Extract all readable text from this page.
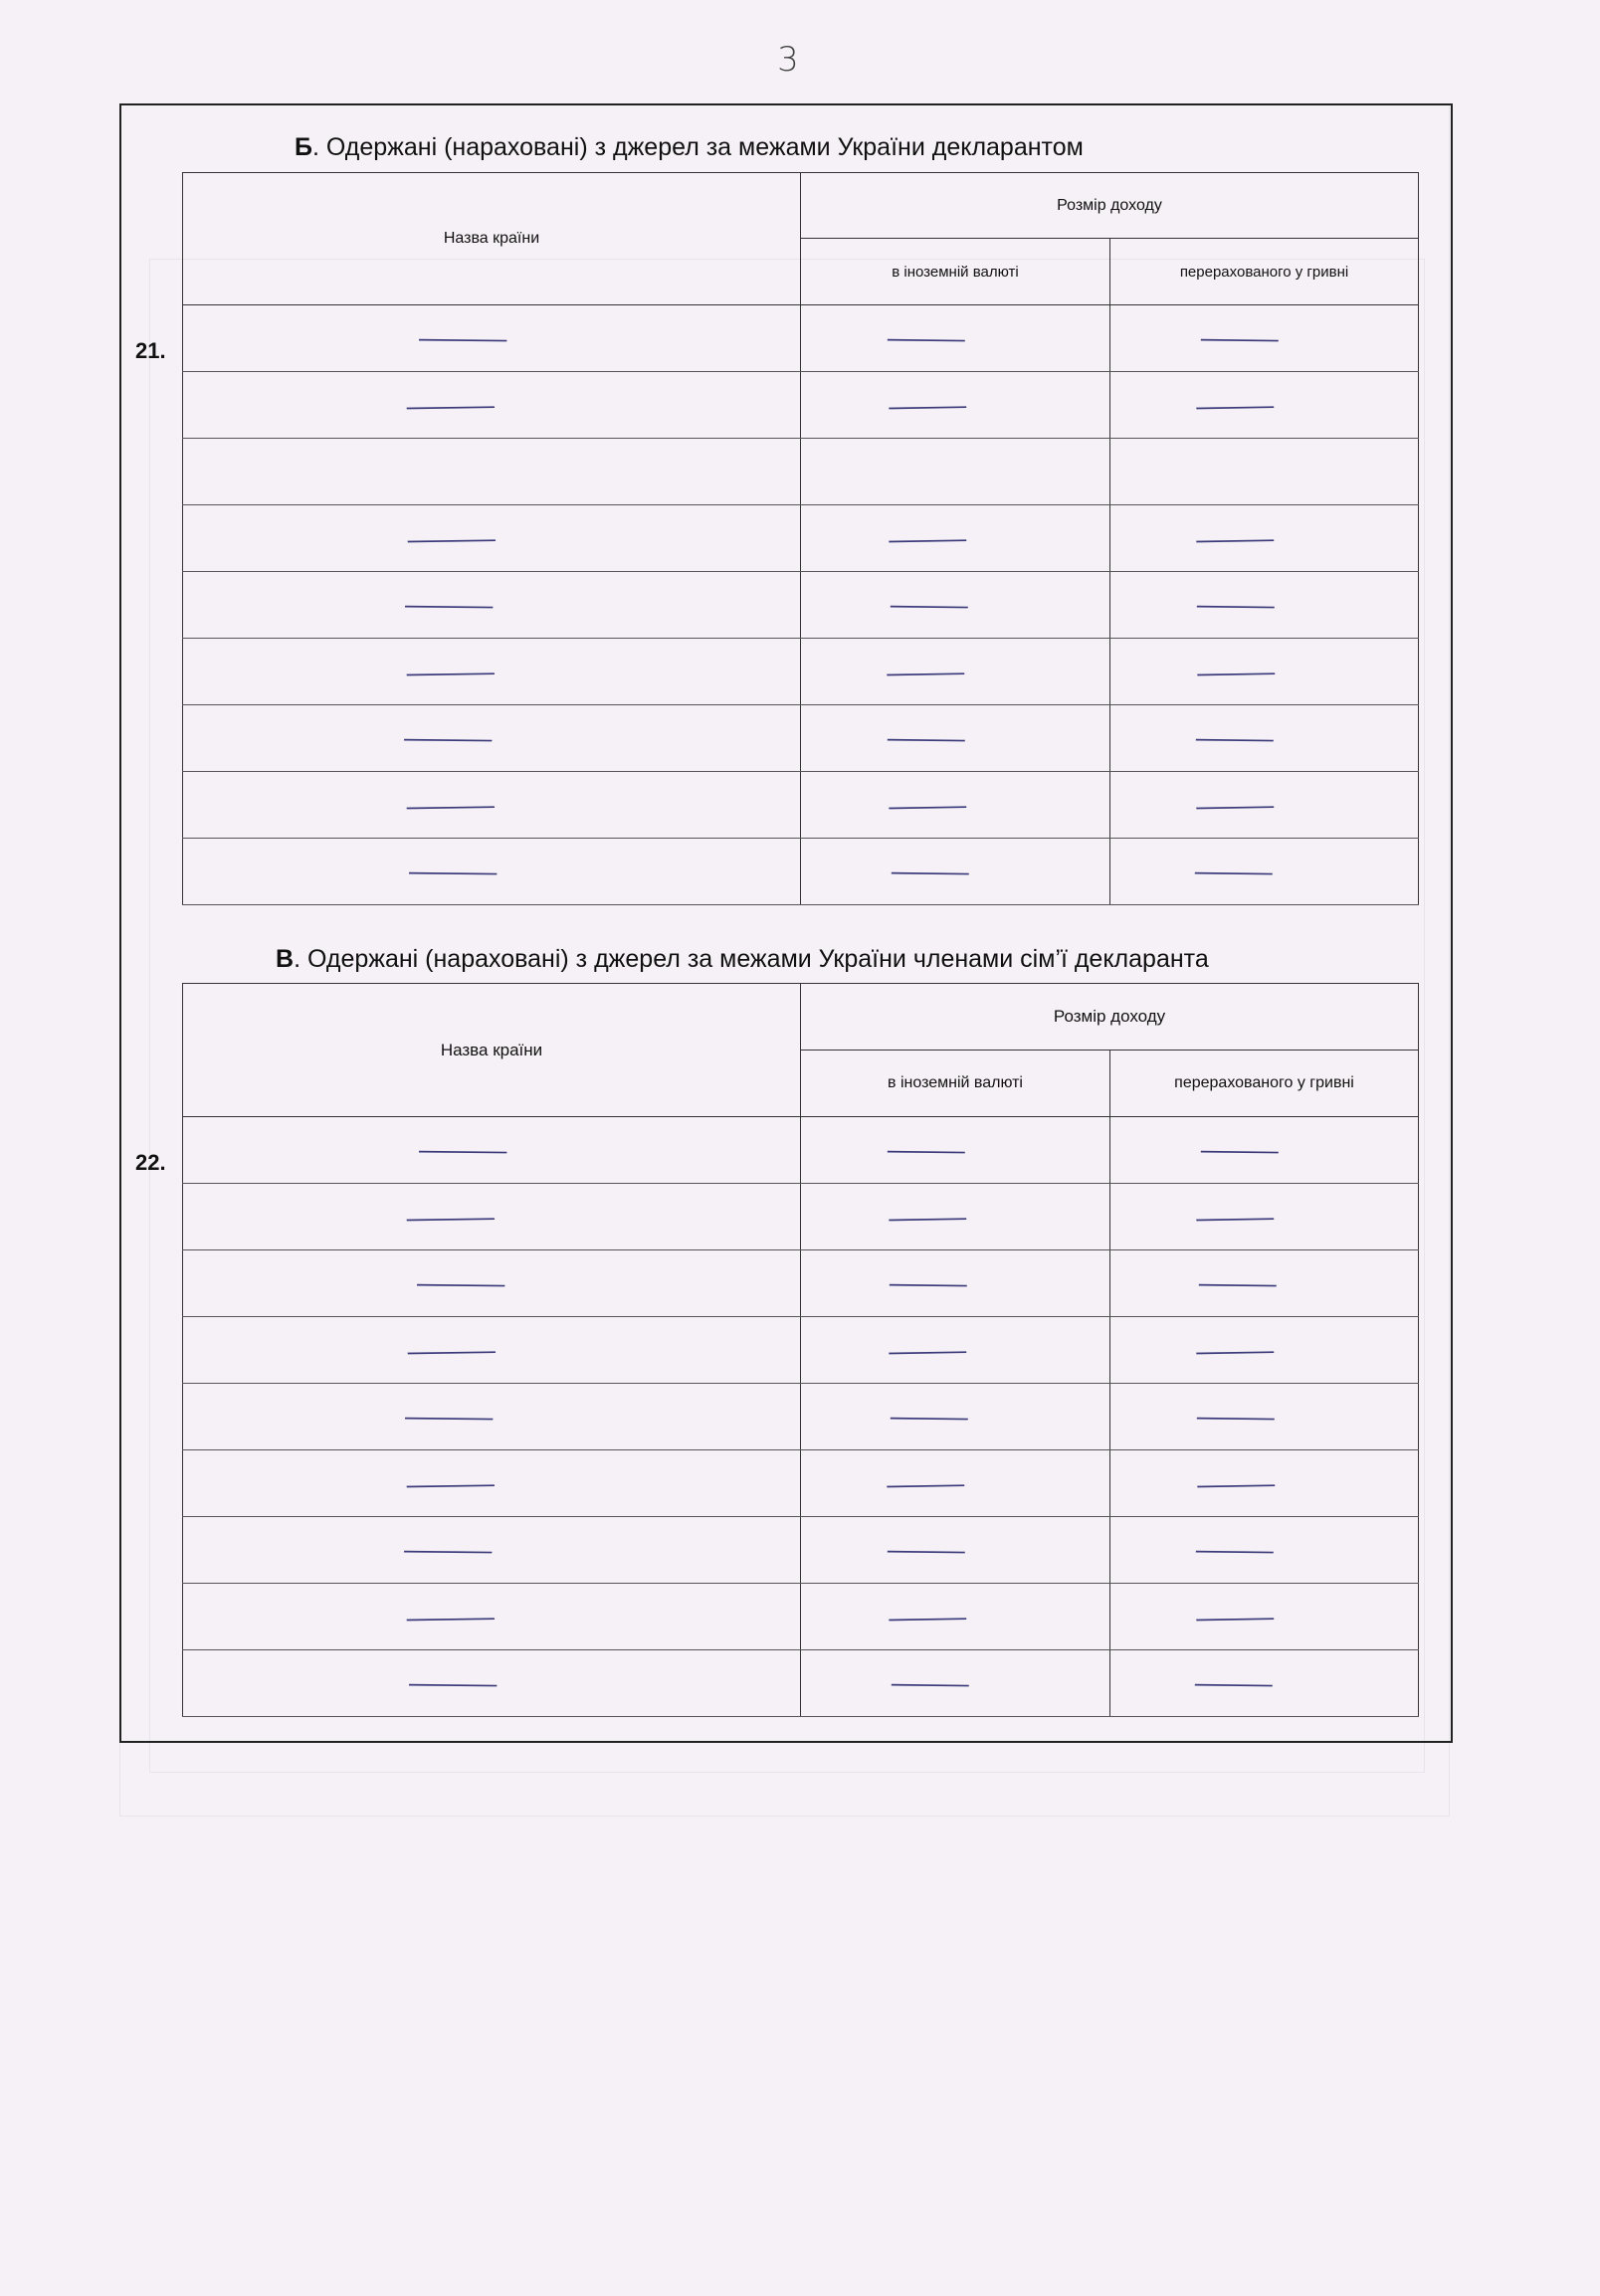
3
Б. Одержані (нараховані) з джерел за межами України декларантом
21.
Назва країни	Розмір доходу	
	в іноземній валюті	перерахованого у гривні
—	—	—
—	—	—

—	—	—
—	—	—
—	—	—
—	—	—
—	—	—
—	—	—
В. Одержані (нараховані) з джерел за межами України членами сім’ї декларанта
22.
Назва країни	Розмір доходу	
	в іноземній валюті	перерахованого у гривні
—	—	—
—	—	—
—	—	—
—	—	—
—	—	—
—	—	—
—	—	—
—	—	—
—	—	—
